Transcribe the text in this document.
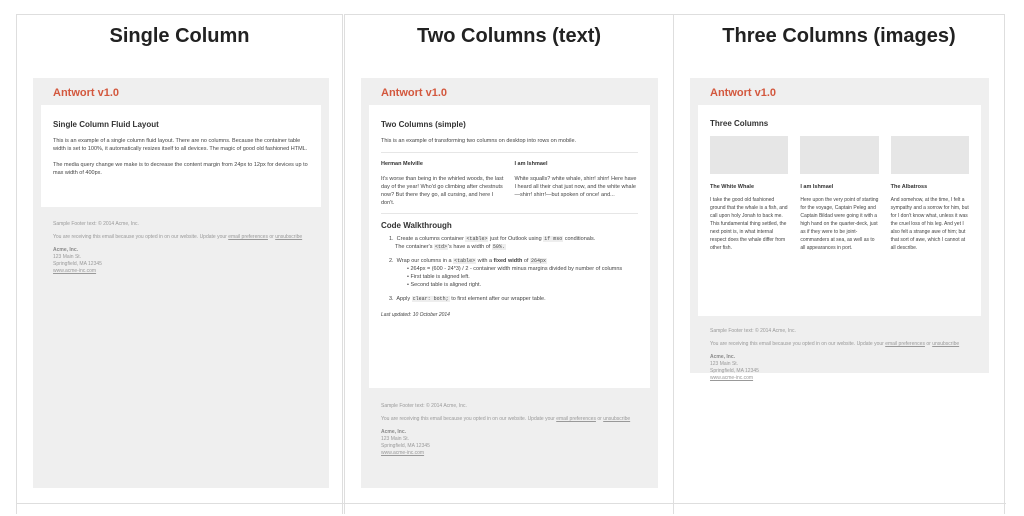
Single Column
Antwort v1.0
Single Column Fluid Layout

This is an example of a single column fluid layout. There are no columns. Because the container table width is set to 100%, it automatically resizes itself to all devices. The magic of good old fashioned HTML.

The media query change we make is to decrease the content margin from 24px to 12px for devices up to max width of 400px.

Sample Footer text: © 2014 Acme, Inc.
You are receiving this email because you opted in on our website. Update your email preferences or unsubscribe
Acme, Inc.
123 Main St.
Springfield, MA 12345
www.acme-inc.com
Two Columns (text)
Antwort v1.0
Two Columns (simple)

This is an example of transforming two columns on desktop into rows on mobile.

Herman Melville

It's worse than being in the whirled woods, the last day of the year! Who'd go climbing after chestnuts now? But there they go, all cursing, and here I don't.

I am Ishmael

White squalls? white whale, shirr! shirr! Here have I heard all their chat just now, and the white whale—shirr! shirr!—but spoken of once! and...

Code Walkthrough
1.  Create a columns container <table> just for Outlook using if mso conditionals.
The container's <td>'s have a width of 50%.
2.  Wrap our columns in a <table> with a fixed width of 264px
• 264px = (600 - 24*3) / 2 - container width minus margins divided by number of columns
• First table is aligned left.
• Second table is aligned right.
3.  Apply clear: both; to first element after our wrapper table.
Last updated: 10 October 2014
Sample Footer text: © 2014 Acme, Inc.
You are receiving this email because you opted in on our website. Update your email preferences or unsubscribe
Acme, Inc.
123 Main St.
Springfield, MA 12345
www.acme-inc.com
Three Columns (images)
Antwort v1.0
Three Columns
The White Whale

I take the good old fashioned ground that the whale is a fish, and call upon holy Jonah to back me. This fundamental thing settled, the next point is, in what internal respect does the whale differ from other fish.

I am Ishmael

Here upon the very point of starting for the voyage, Captain Peleg and Captain Bildad were going it with a high hand on the quarter-deck, just as if they were to be joint-commanders at sea, as well as to all appearances in port.

The Albatross

And somehow, at the time, I felt a sympathy and a sorrow for him, but for I don't know what, unless it was the cruel loss of his leg. And yet I also felt a strange awe of him; but that sort of awe, which I cannot at all describe.

Sample Footer text: © 2014 Acme, Inc.
You are receiving this email because you opted in on our website. Update your email preferences or unsubscribe
Acme, Inc.
123 Main St.
Springfield, MA 12345
www.acme-inc.com
